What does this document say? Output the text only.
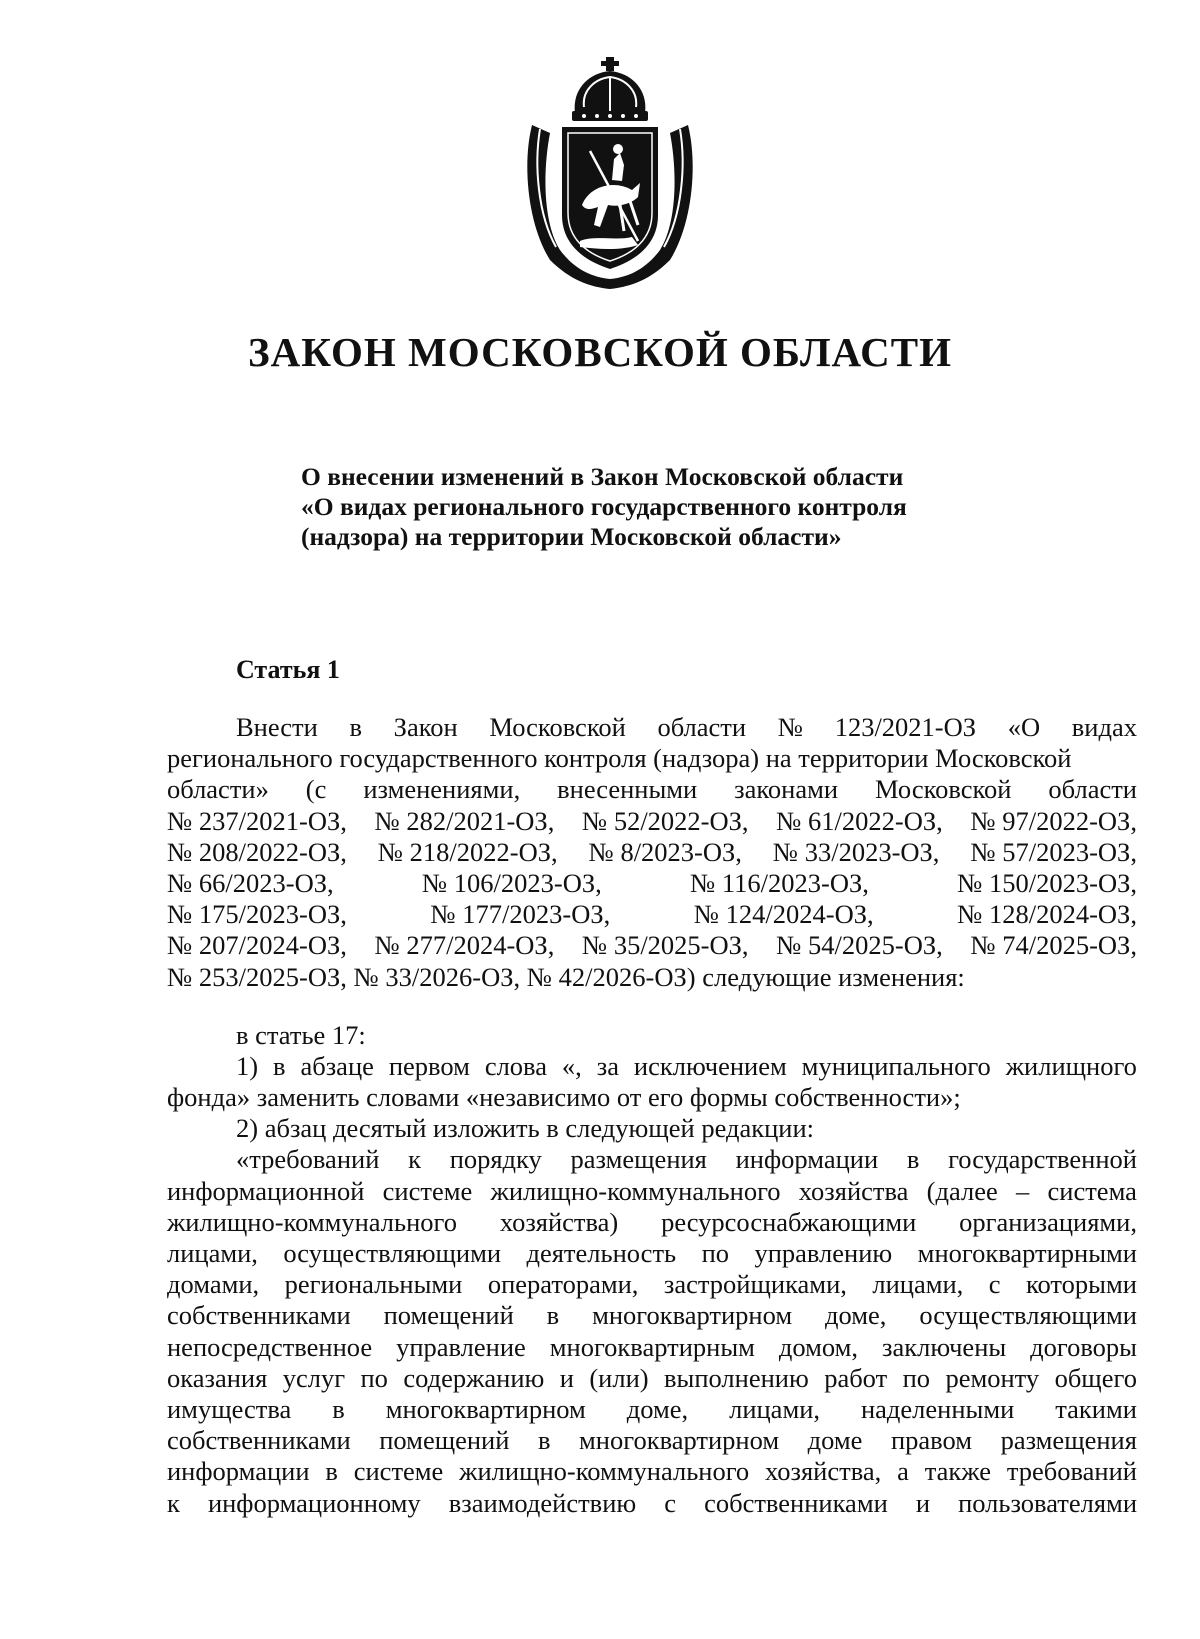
ЗАКОН МОСКОВСКОЙ ОБЛАСТИ
О внесении изменений в Закон Московской области
«О видах регионального государственного контроля
(надзора) на территории Московской области»
Статья 1
Внести в Закон Московской области № 123/2021-ОЗ «О видах
регионального государственного контроля (надзора) на территории Московской
области» (с изменениями, внесенными законами Московской области
№ 237/2021-ОЗ, № 282/2021-ОЗ, № 52/2022-ОЗ, № 61/2022-ОЗ, № 97/2022-ОЗ,
№ 208/2022-ОЗ, № 218/2022-ОЗ, № 8/2023-ОЗ, № 33/2023-ОЗ, № 57/2023-ОЗ,
№ 66/2023-ОЗ,	№ 106/2023-ОЗ,	№ 116/2023-ОЗ,	№ 150/2023-ОЗ,
№ 175/2023-ОЗ,	№ 177/2023-ОЗ,	№ 124/2024-ОЗ,	№ 128/2024-ОЗ,
№ 207/2024-ОЗ, № 277/2024-ОЗ, № 35/2025-ОЗ, № 54/2025-ОЗ, № 74/2025-ОЗ,
№ 253/2025-ОЗ, № 33/2026-ОЗ, № 42/2026-ОЗ) следующие изменения:
в статье 17:
1) в абзаце первом слова «, за исключением муниципального жилищного
фонда» заменить словами «независимо от его формы собственности»;
2) абзац десятый изложить в следующей редакции:
«требований к порядку размещения информации в государственной
информационной системе жилищно-коммунального хозяйства (далее – система
жилищно-коммунального хозяйства) ресурсоснабжающими организациями,
лицами, осуществляющими деятельность по управлению многоквартирными
домами, региональными операторами, застройщиками, лицами, с которыми
собственниками помещений в многоквартирном доме, осуществляющими
непосредственное управление многоквартирным домом, заключены договоры
оказания услуг по содержанию и (или) выполнению работ по ремонту общего
имущества в многоквартирном доме, лицами, наделенными такими
собственниками помещений в многоквартирном доме правом размещения
информации в системе жилищно-коммунального хозяйства, а также требований
к информационному взаимодействию с собственниками и пользователями
